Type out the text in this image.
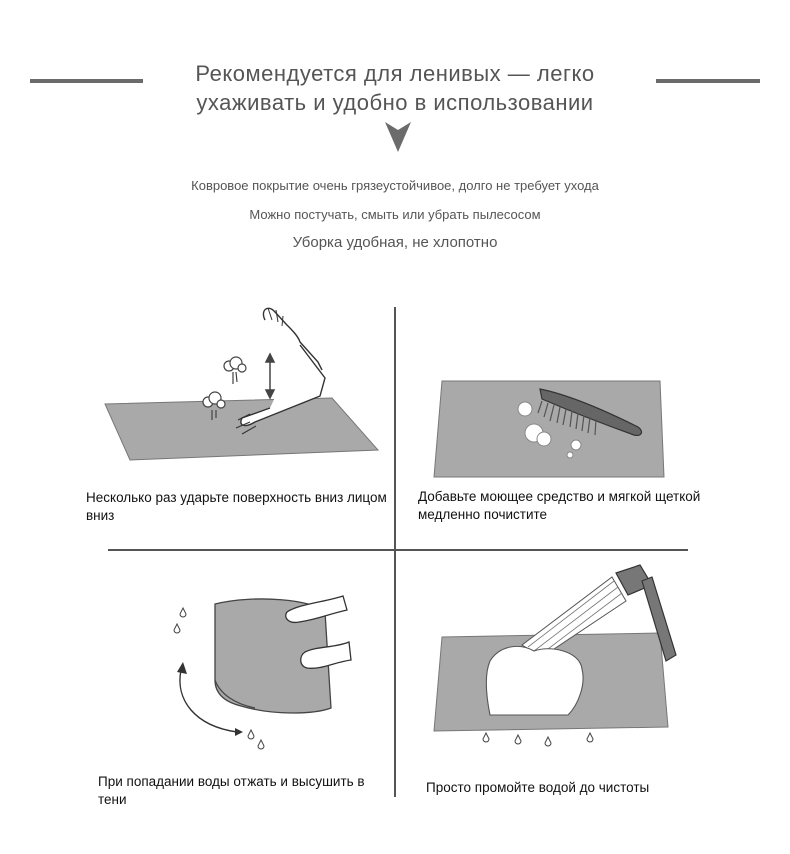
Рекомендуется для ленивых — легко
ухаживать и удобно в использовании
Ковровое покрытие очень грязеустойчивое, долго не требует ухода
Можно постучать, смыть или убрать пылесосом
Уборка удобная, не хлопотно
Несколько раз ударьте поверхность вниз лицом вниз
Добавьте моющее средство и мягкой щеткой медленно почистите
При попадании воды отжать и высушить в тени
Просто промойте водой до чистоты
